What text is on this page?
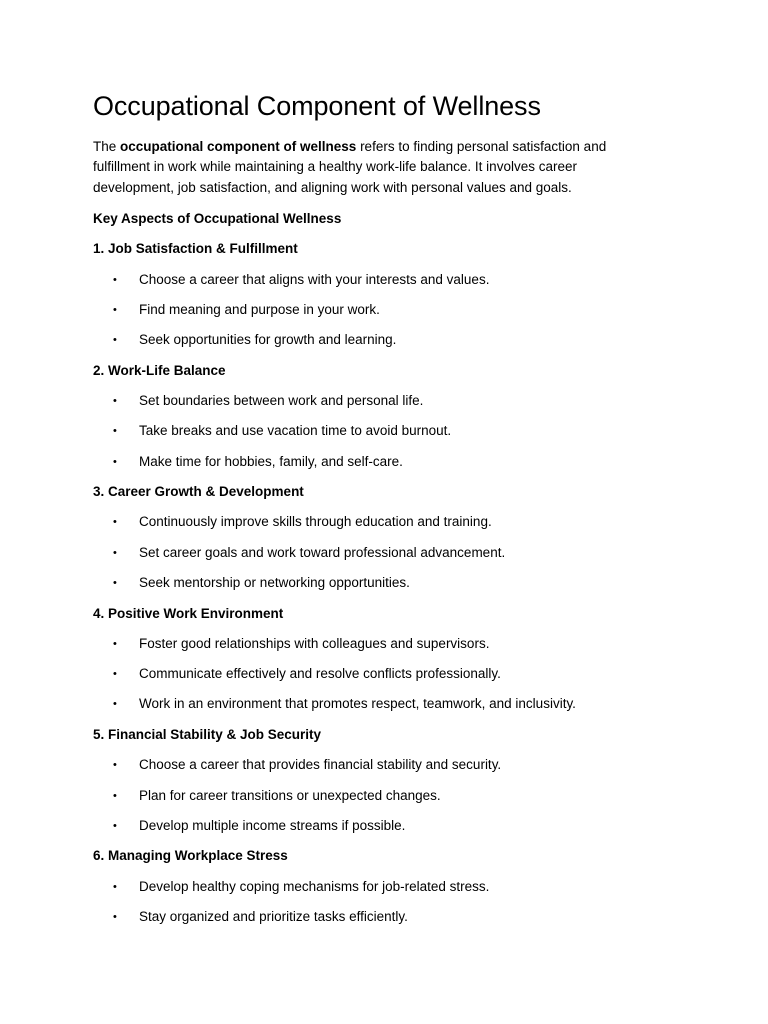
Occupational Component of Wellness

The occupational component of wellness refers to finding personal satisfaction and fulfillment in work while maintaining a healthy work-life balance. It involves career development, job satisfaction, and aligning work with personal values and goals.

Key Aspects of Occupational Wellness

1. Job Satisfaction & Fulfillment

• Choose a career that aligns with your interests and values.
• Find meaning and purpose in your work.
• Seek opportunities for growth and learning.

2. Work-Life Balance

• Set boundaries between work and personal life.
• Take breaks and use vacation time to avoid burnout.
• Make time for hobbies, family, and self-care.

3. Career Growth & Development

• Continuously improve skills through education and training.
• Set career goals and work toward professional advancement.
• Seek mentorship or networking opportunities.

4. Positive Work Environment

• Foster good relationships with colleagues and supervisors.
• Communicate effectively and resolve conflicts professionally.
• Work in an environment that promotes respect, teamwork, and inclusivity.

5. Financial Stability & Job Security

• Choose a career that provides financial stability and security.
• Plan for career transitions or unexpected changes.
• Develop multiple income streams if possible.

6. Managing Workplace Stress

• Develop healthy coping mechanisms for job-related stress.
• Stay organized and prioritize tasks efficiently.
